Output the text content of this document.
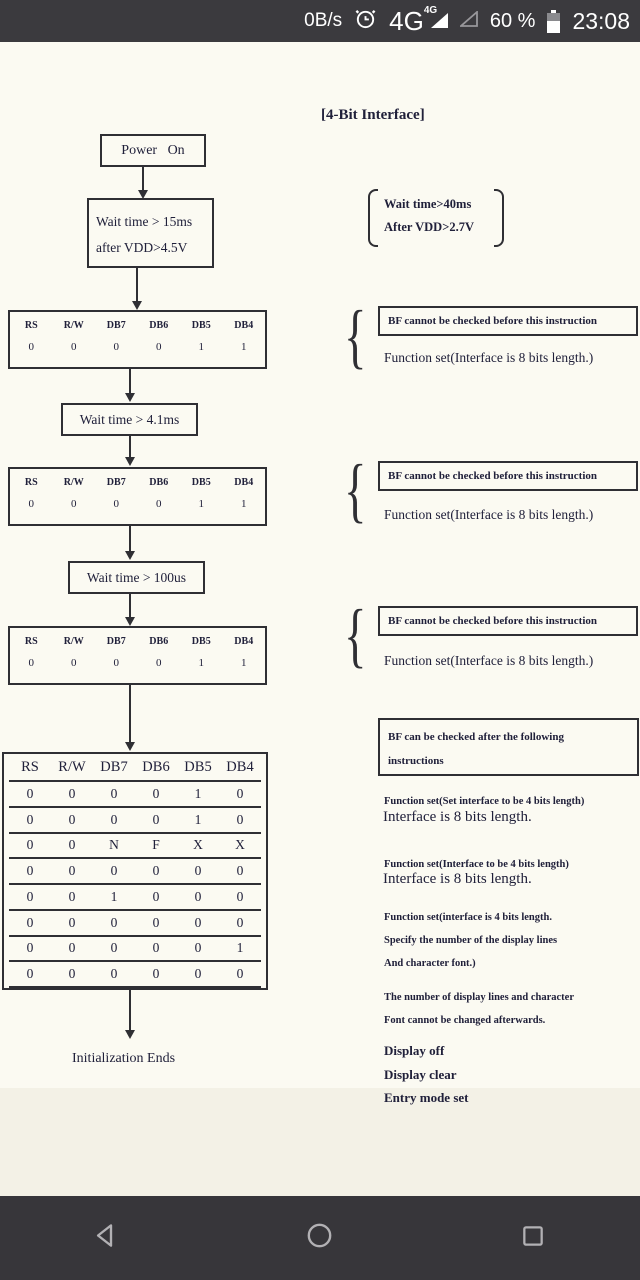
0B/s 4G 4G	60 % 23:08
[4-Bit Interface]
Power   On
Wait time > 15ms
after VDD>4.5V
RS	R/W	DB7	DB6	DB5	DB4
0	0	0	0	1	1
Wait time > 4.1ms
RS	R/W	DB7	DB6	DB5	DB4
0	0	0	0	1	1
Wait time > 100us
RS	R/W	DB7	DB6	DB5	DB4
0	0	0	0	1	1
RS	R/W	DB7	DB6	DB5	DB4
0	0	0	0	1	0
0	0	0	0	1	0
0	0	N	F	X	X
0	0	0	0	0	0
0	0	1	0	0	0
0	0	0	0	0	0
0	0	0	0	0	1
0	0	0	0	0	0
Initialization Ends
Wait time>40ms
After VDD>2.7V
{	BF cannot be checked before this instruction
Function set(Interface is 8 bits length.)
{	BF cannot be checked before this instruction
Function set(Interface is 8 bits length.)
{	BF cannot be checked before this instruction
Function set(Interface is 8 bits length.)
BF can be checked after the following
instructions
Function set(Set interface to be 4 bits length)
Interface is 8 bits length.
Function set(Interface to be 4 bits length)
Interface is 8 bits length.
Function set(interface is 4 bits length.
Specify the number of the display lines
And character font.)
The number of display lines and character
Font cannot be changed afterwards.
Display off
Display clear
Entry mode set
